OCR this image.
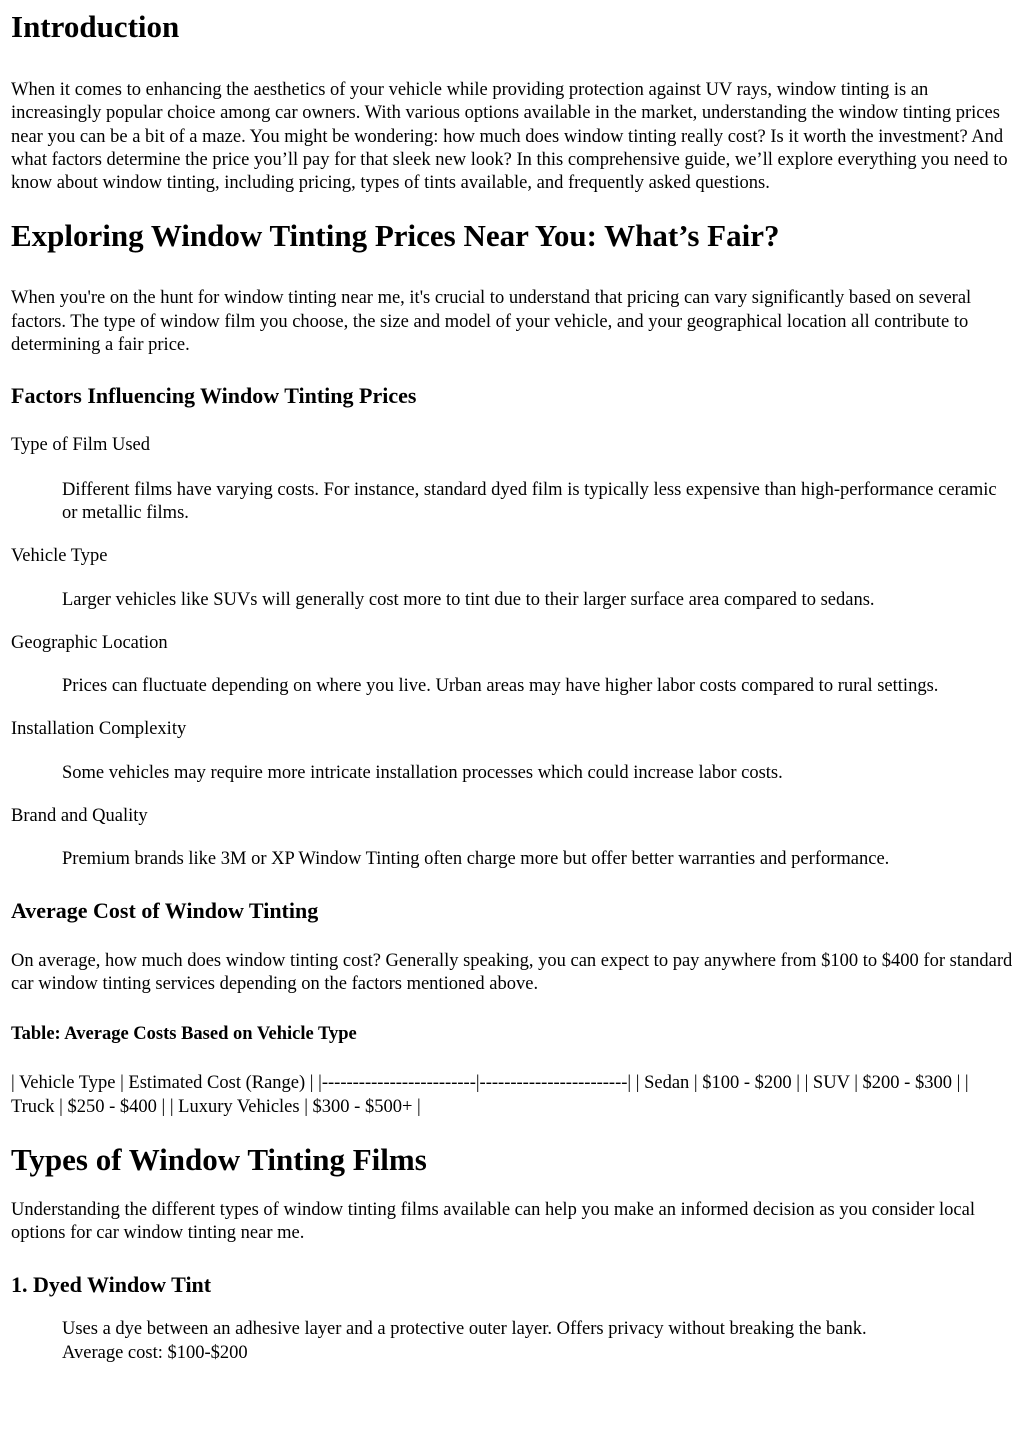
Introduction

When it comes to enhancing the aesthetics of your vehicle while providing protection against UV rays, window tinting is an increasingly popular choice among car owners. With various options available in the market, understanding the window tinting prices near you can be a bit of a maze. You might be wondering: how much does window tinting really cost? Is it worth the investment? And what factors determine the price you’ll pay for that sleek new look? In this comprehensive guide, we’ll explore everything you need to know about window tinting, including pricing, types of tints available, and frequently asked questions.

Exploring Window Tinting Prices Near You: What’s Fair?

When you're on the hunt for window tinting near me, it's crucial to understand that pricing can vary significantly based on several factors. The type of window film you choose, the size and model of your vehicle, and your geographical location all contribute to determining a fair price.

Factors Influencing Window Tinting Prices
Type of Film Used
Different films have varying costs. For instance, standard dyed film is typically less expensive than high-performance ceramic or metallic films.
Vehicle Type
Larger vehicles like SUVs will generally cost more to tint due to their larger surface area compared to sedans.
Geographic Location
Prices can fluctuate depending on where you live. Urban areas may have higher labor costs compared to rural settings.
Installation Complexity
Some vehicles may require more intricate installation processes which could increase labor costs.
Brand and Quality
Premium brands like 3M or XP Window Tinting often charge more but offer better warranties and performance.
Average Cost of Window Tinting

On average, how much does window tinting cost? Generally speaking, you can expect to pay anywhere from $100 to $400 for standard car window tinting services depending on the factors mentioned above.

Table: Average Costs Based on Vehicle Type

| Vehicle Type | Estimated Cost (Range) | |-------------------------|------------------------| | Sedan | $100 - $200 | | SUV | $200 - $300 | | Truck | $250 - $400 | | Luxury Vehicles | $300 - $500+ |

Types of Window Tinting Films

Understanding the different types of window tinting films available can help you make an informed decision as you consider local options for car window tinting near me.

1. Dyed Window Tint
Uses a dye between an adhesive layer and a protective outer layer. Offers privacy without breaking the bank.
Average cost: $100-$200
